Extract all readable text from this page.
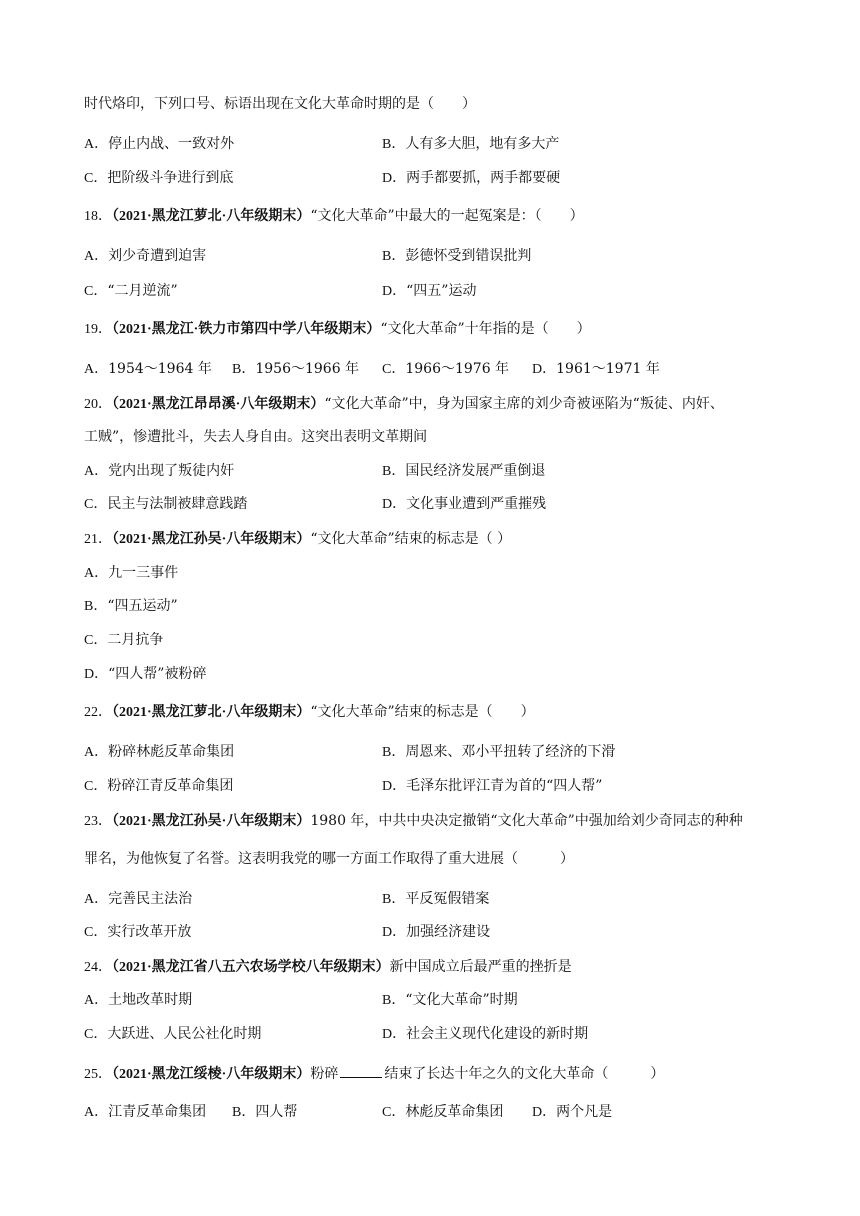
时代烙印，下列口号、标语出现在文化大革命时期的是（　　）
A．停止内战、一致对外	B．人有多大胆，地有多大产
C．把阶级斗争进行到底	D．两手都要抓，两手都要硬
18．（2021·黑龙江萝北·八年级期末）“文化大革命”中最大的一起冤案是：（　　）
A．刘少奇遭到迫害	B．彭德怀受到错误批判
C．“二月逆流”	D．“四五”运动
19．（2021·黑龙江·铁力市第四中学八年级期末）“文化大革命”十年指的是（　　）
A．1954～1964 年 B．1956～1966 年 C．1966～1976 年 D．1961～1971 年
20．（2021·黑龙江昂昂溪·八年级期末）“文化大革命”中，身为国家主席的刘少奇被诬陷为“叛徒、内奸、
工贼”，惨遭批斗，失去人身自由。这突出表明文革期间
A．党内出现了叛徒内奸	B．国民经济发展严重倒退
C．民主与法制被肆意践踏	D．文化事业遭到严重摧残
21．（2021·黑龙江孙吴·八年级期末）“文化大革命”结束的标志是（ ）
A．九一三事件
B．“四五运动”
C．二月抗争
D．“四人帮”被粉碎
22．（2021·黑龙江萝北·八年级期末）“文化大革命”结束的标志是（　　）
A．粉碎林彪反革命集团	B．周恩来、邓小平扭转了经济的下滑
C．粉碎江青反革命集团	D．毛泽东批评江青为首的“四人帮”
23．（2021·黑龙江孙吴·八年级期末）1980 年，中共中央决定撤销“文化大革命”中强加给刘少奇同志的种种
罪名，为他恢复了名誉。这表明我党的哪一方面工作取得了重大进展（　　　）
A．完善民主法治	B．平反冤假错案
C．实行改革开放	D．加强经济建设
24．（2021·黑龙江省八五六农场学校八年级期末）新中国成立后最严重的挫折是
A．土地改革时期	B．“文化大革命”时期
C．大跃进、人民公社化时期	D．社会主义现代化建设的新时期
25．（2021·黑龙江绥棱·八年级期末）粉碎	结束了长达十年之久的文化大革命（　　　）
A．江青反革命集团 B．四人帮	C．林彪反革命集团 D．两个凡是
